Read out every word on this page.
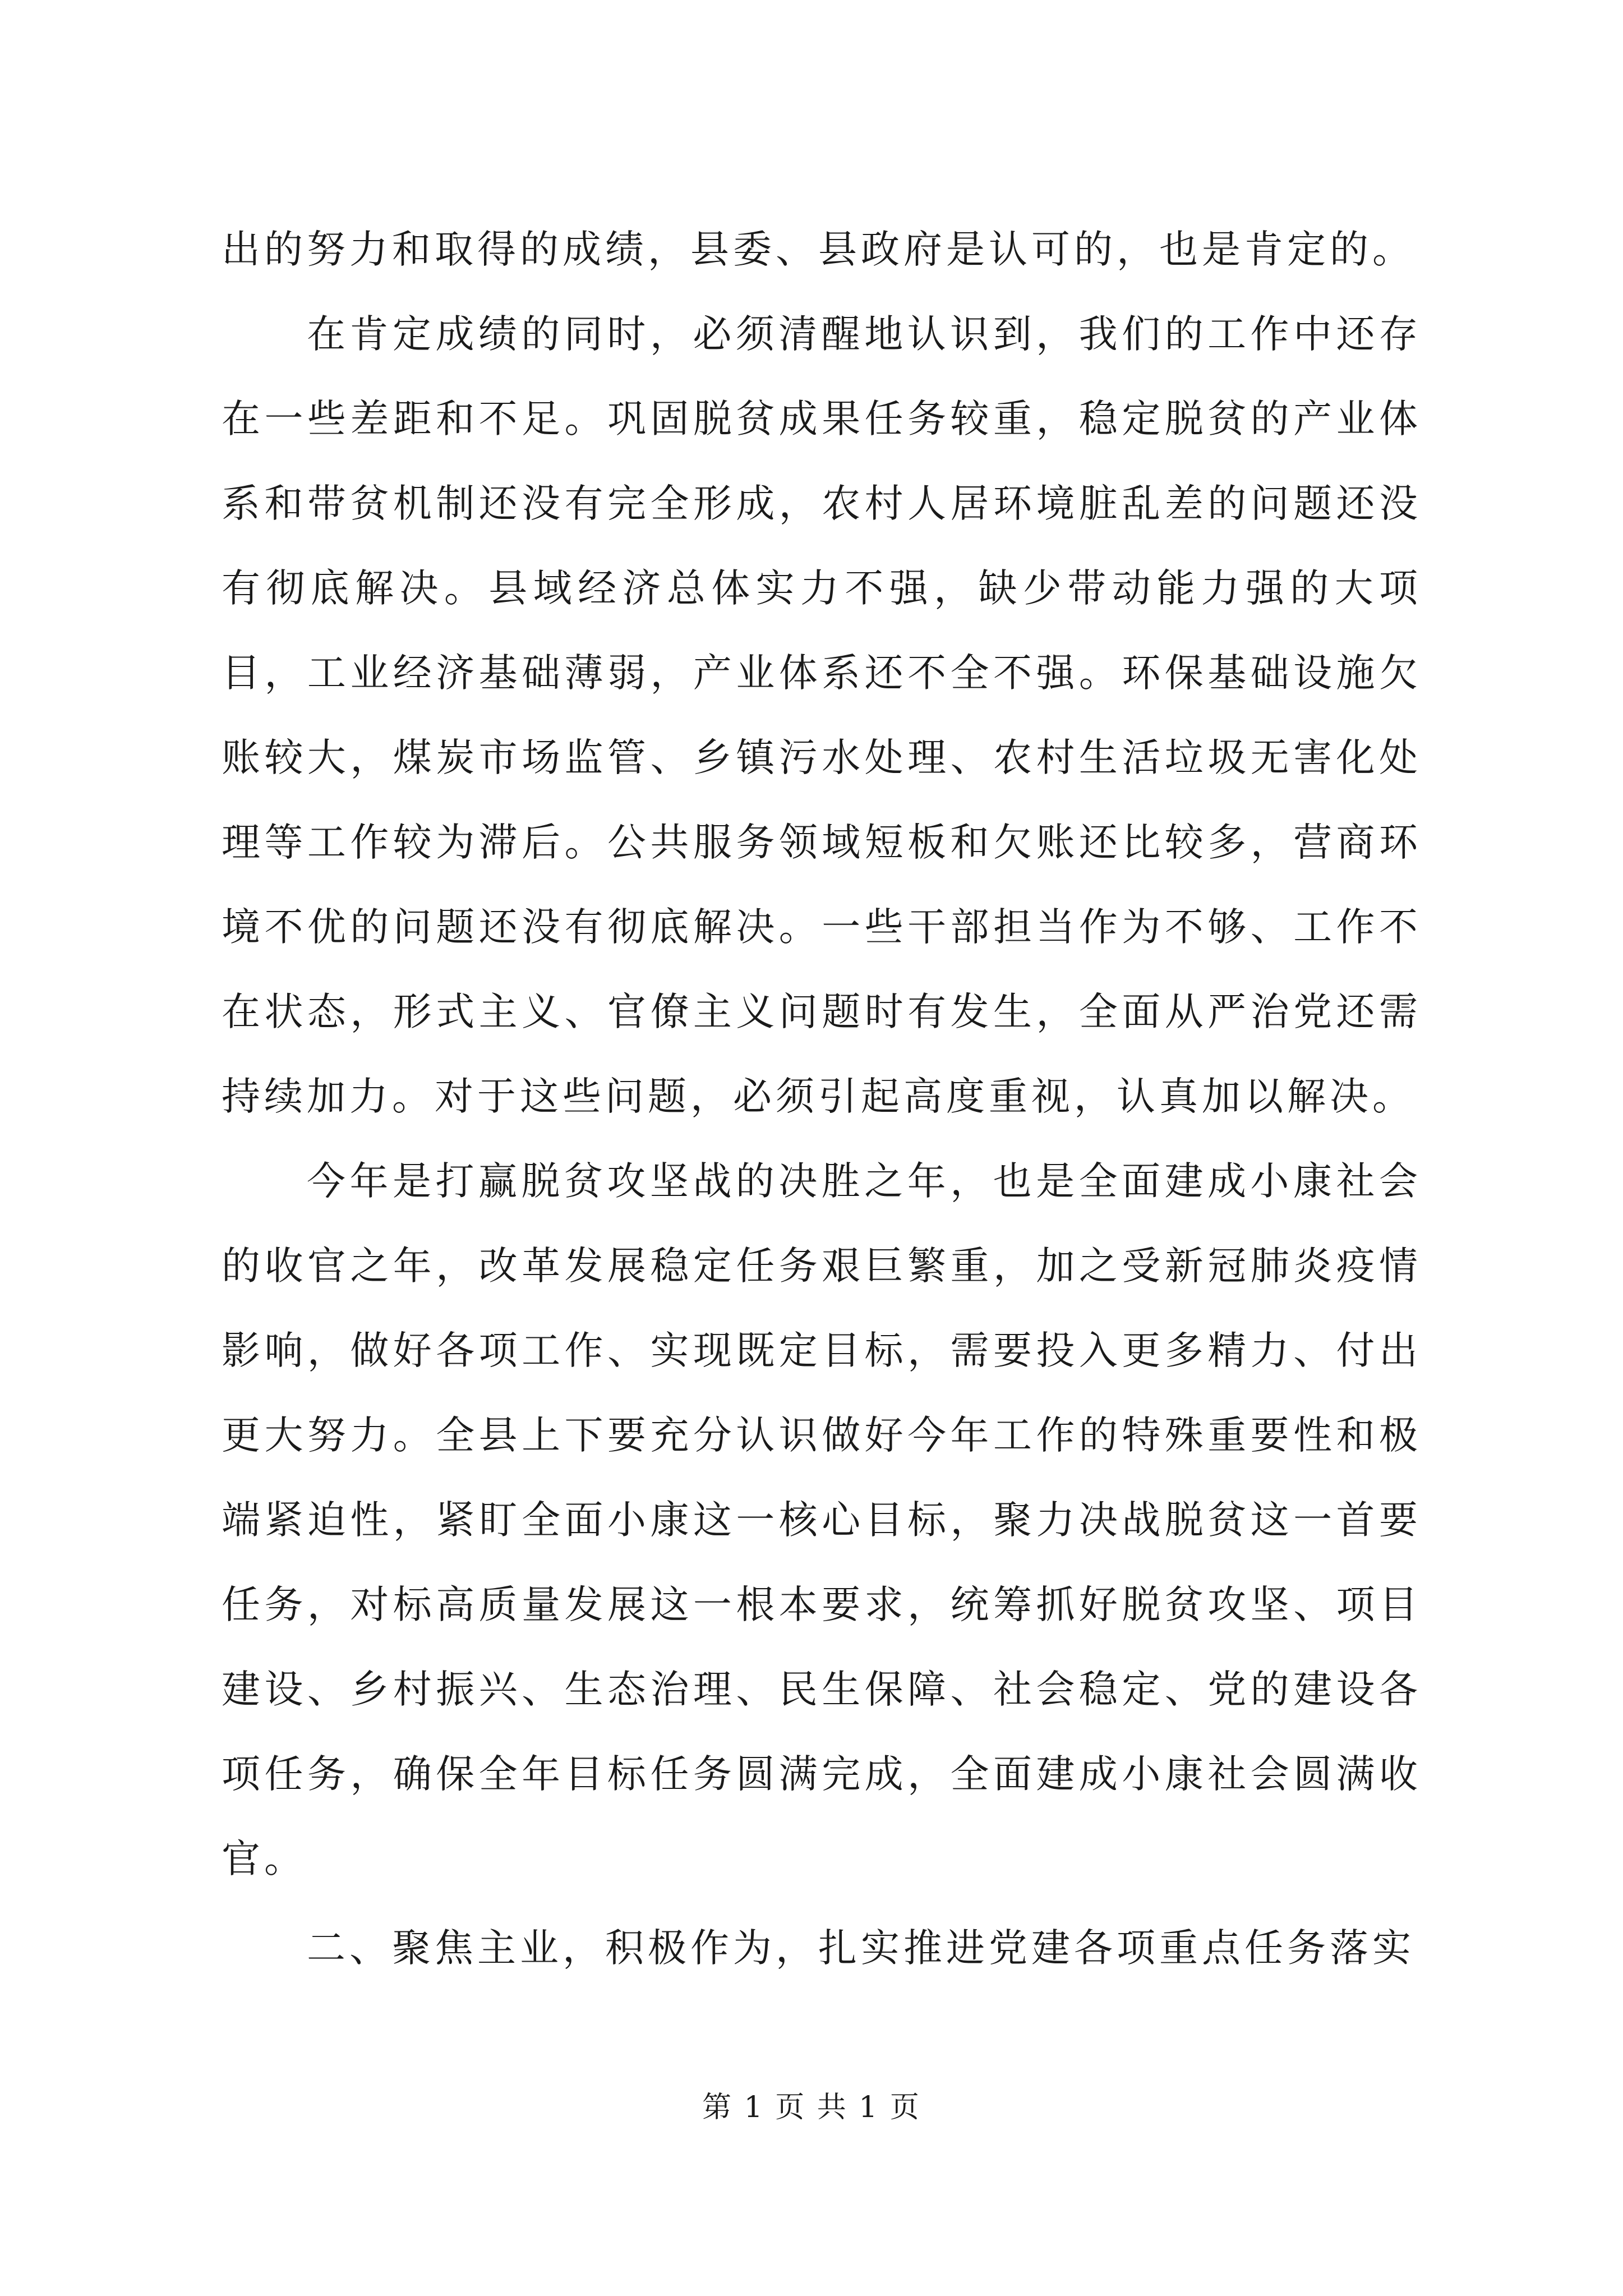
出的努力和取得的成绩，县委、县政府是认可的，也是肯定的。

在肯定成绩的同时，必须清醒地认识到，我们的工作中还存在一些差距和不足。巩固脱贫成果任务较重，稳定脱贫的产业体系和带贫机制还没有完全形成，农村人居环境脏乱差的问题还没有彻底解决。县域经济总体实力不强，缺少带动能力强的大项目，工业经济基础薄弱，产业体系还不全不强。环保基础设施欠账较大，煤炭市场监管、乡镇污水处理、农村生活垃圾无害化处理等工作较为滞后。公共服务领域短板和欠账还比较多，营商环境不优的问题还没有彻底解决。一些干部担当作为不够、工作不在状态，形式主义、官僚主义问题时有发生，全面从严治党还需持续加力。对于这些问题，必须引起高度重视，认真加以解决。

今年是打赢脱贫攻坚战的决胜之年，也是全面建成小康社会的收官之年，改革发展稳定任务艰巨繁重，加之受新冠肺炎疫情影响，做好各项工作、实现既定目标，需要投入更多精力、付出更大努力。全县上下要充分认识做好今年工作的特殊重要性和极端紧迫性，紧盯全面小康这一核心目标，聚力决战脱贫这一首要任务，对标高质量发展这一根本要求，统筹抓好脱贫攻坚、项目建设、乡村振兴、生态治理、民生保障、社会稳定、党的建设各项任务，确保全年目标任务圆满完成，全面建成小康社会圆满收官。

二、聚焦主业，积极作为，扎实推进党建各项重点任务落实

第 1 页 共 1 页
